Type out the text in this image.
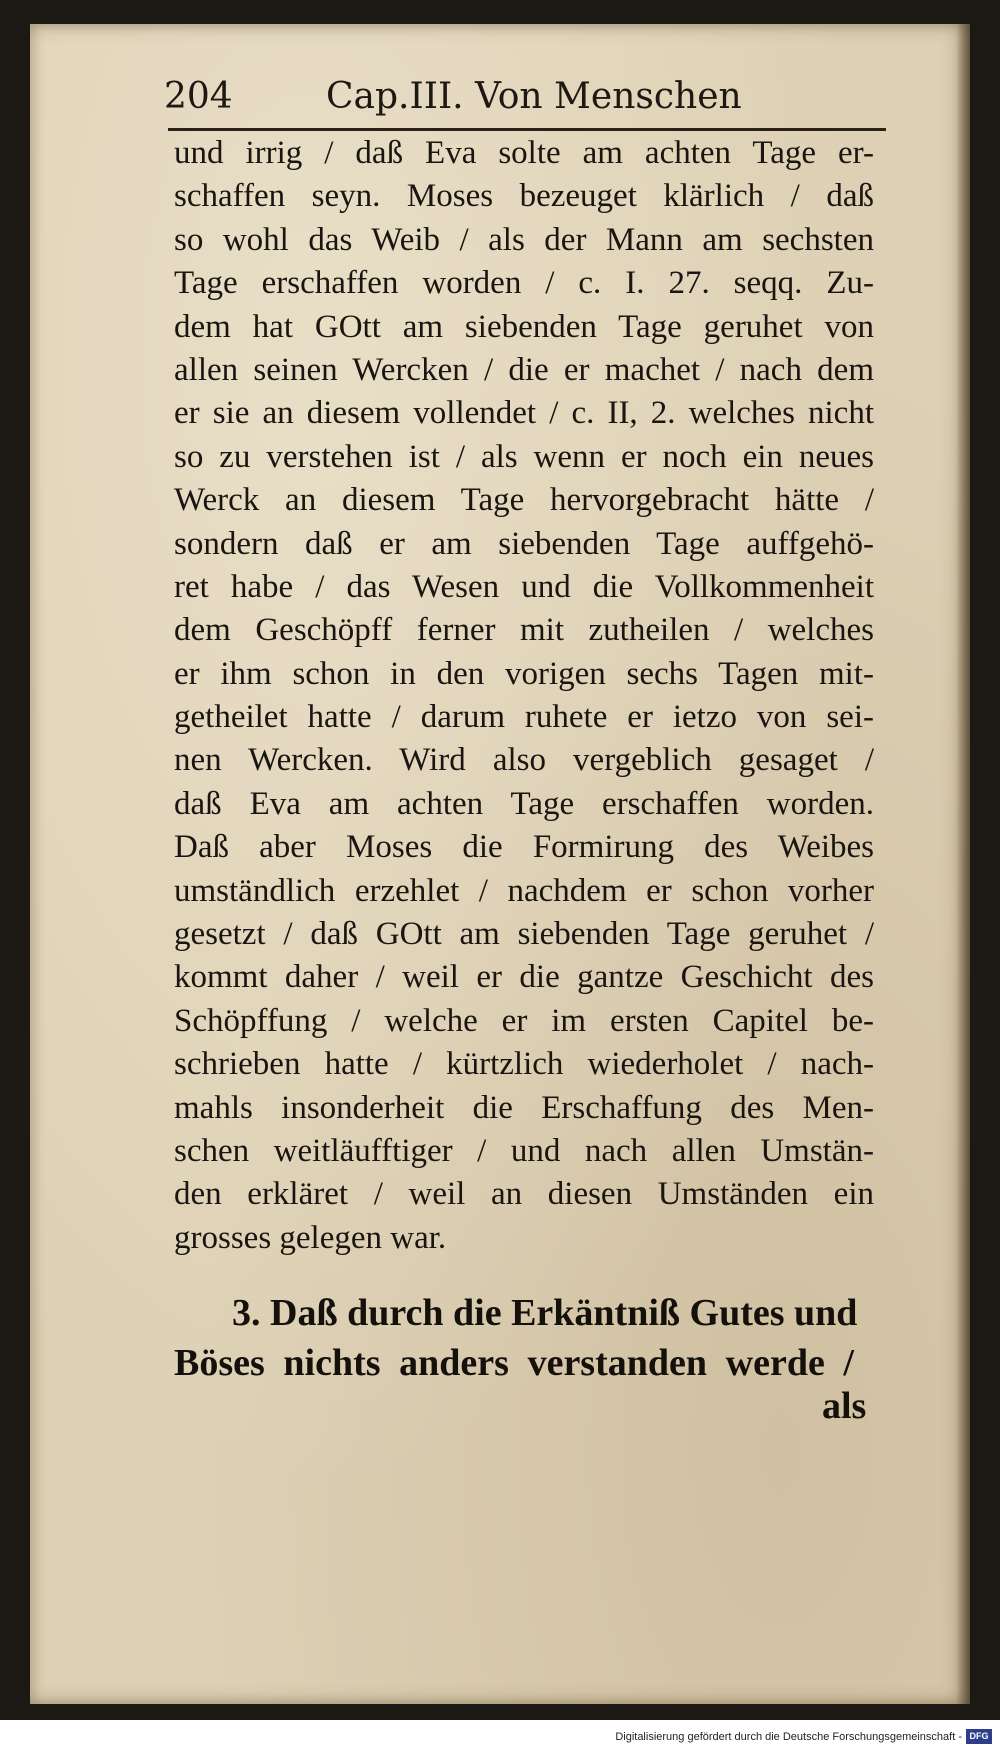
204	Cap.III. Von Menschen
und irrig / daß Eva solte am achten Tage er-
schaffen seyn. Moses bezeuget klärlich / daß
so wohl das Weib / als der Mann am sechsten
Tage erschaffen worden / c. I. 27. seqq. Zu-
dem hat GOtt am siebenden Tage geruhet von
allen seinen Wercken / die er machet / nach dem
er sie an diesem vollendet / c. II, 2. welches nicht
so zu verstehen ist / als wenn er noch ein neues
Werck an diesem Tage hervorgebracht hätte /
sondern daß er am siebenden Tage auffgehö-
ret habe / das Wesen und die Vollkommenheit
dem Geschöpff ferner mit zutheilen / welches
er ihm schon in den vorigen sechs Tagen mit-
getheilet hatte / darum ruhete er ietzo von sei-
nen Wercken. Wird also vergeblich gesaget /
daß Eva am achten Tage erschaffen worden.
Daß aber Moses die Formirung des Weibes
umständlich erzehlet / nachdem er schon vorher
gesetzt / daß GOtt am siebenden Tage geruhet /
kommt daher / weil er die gantze Geschicht des
Schöpffung / welche er im ersten Capitel be-
schrieben hatte / kürtzlich wiederholet / nach-
mahls insonderheit die Erschaffung des Men-
schen weitläufftiger / und nach allen Umstän-
den erkläret / weil an diesen Umständen ein
grosses gelegen war.
3. Daß durch die Erkäntniß Gutes und
Böses nichts anders verstanden werde /
als
Digitalisierung gefördert durch die Deutsche Forschungsgemeinschaft - DFG
